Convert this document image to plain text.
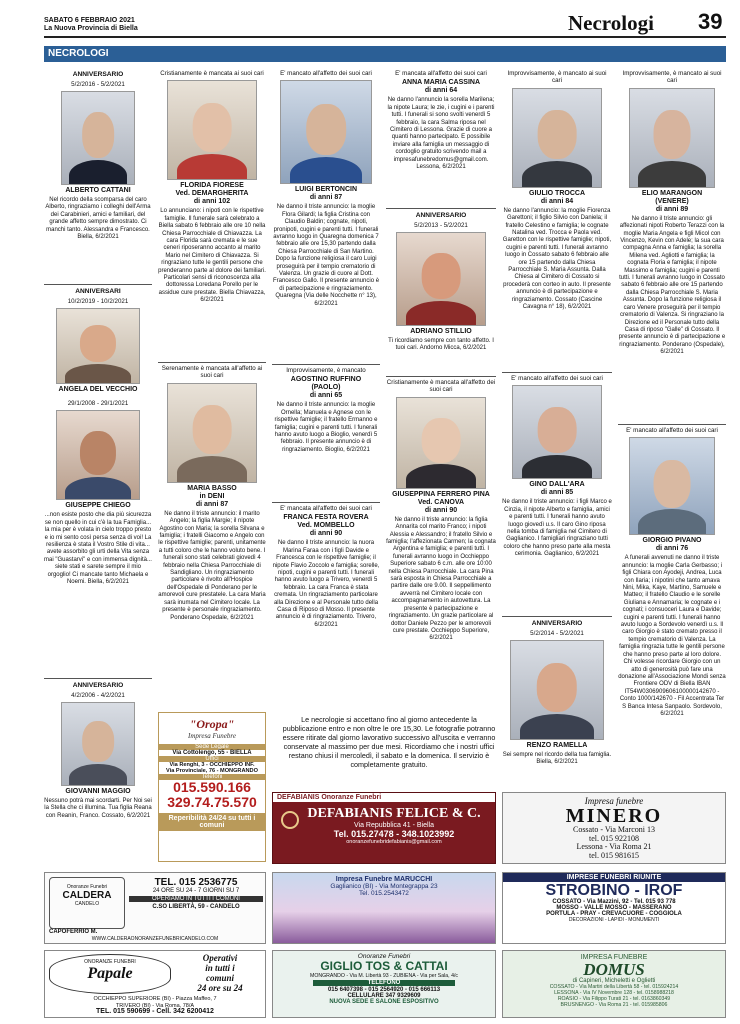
SABATO 6 FEBBRAIO 2021
La Nuova Provincia di Biella	Necrologi 39
NECROLOGI
ANNIVERSARIO
5/2/2016 - 5/2/2021
ALBERTO CATTANI
Nel ricordo della scomparsa del caro Alberto, ringraziamo i colleghi dell'Arma dei Carabinieri, amici e familiari, del grande affetto sempre dimostrato. Ci manchi tanto. Alessandra e Francesco. Biella, 6/2/2021
ANNIVERSARI
10/2/2019 - 10/2/2021
ANGELA DEL VECCHIO
29/1/2008 - 29/1/2021
GIUSEPPE CHIEGO
...non esiste posto che dia più sicurezza se non quello in cui c'è la tua Famiglia... la mia per è volata in cielo troppo presto e io mi sento così persa senza di voi! La resilienza è stata il Vostro Stile di vita... avete assorbito gli urti della Vita senza mai "Guastarvi" e con immensa dignità... siete stati e sarete sempre il mio orgoglio! Ci mancate tanto Michaela e Noemi. Biella, 6/2/2021
ANNIVERSARIO
4/2/2006 - 4/2/2021
GIOVANNI MAGGIO
Nessuno potrà mai scordarti. Per Noi sei la Stella che ci illumina. Tua figlia Reana con Reanin, Franco. Cossato, 6/2/2021
Cristianamente è mancata ai suoi cari
FLORIDA FIORESE
Ved. DEMARGHERITA
di anni 102
Lo annunciano: i nipoti con le rispettive famiglie. Il funerale sarà celebrato a Biella sabato 6 febbraio alle ore 10 nella Chiesa Parrocchiale di Chiavazza. La cara Florida sarà cremata e le sue ceneri riposeranno accanto al marito Mario nel Cimitero di Chiavazza. Si ringraziano tutte le gentili persone che prenderanno parte al dolore dei familiari. Particolari sensi di riconoscenza alla dottoressa Loredana Porello per le assidue cure prestate. Biella Chiavazza, 6/2/2021
Serenamente è mancata all'affetto ai suoi cari
MARIA BASSO
in DENI
di anni 87
Ne danno il triste annuncio: il marito Angelo; la figlia Margie; il nipote Agostino con Maria; la sorella Silvana e famiglia; i fratelli Giacomo e Angelo con le rispettive famiglie; parenti, unitamente a tutti coloro che le hanno voluto bene. I funerali sono stati celebrati giovedì 4 febbraio nella Chiesa Parrocchiale di Sandigliano. Un ringraziamento particolare è rivolto all'Hospice dell'Ospedale di Ponderano per le amorevoli cure prestatele. La cara Maria sarà inumata nel Cimitero locale. La presente è personale ringraziamento. Ponderano Ospedale, 6/2/2021
E' mancato all'affetto dei suoi cari
LUIGI BERTONCIN
di anni 87
Ne danno il triste annuncio: la moglie Flora Gilardi; la figlia Cristina con Claudio Baldin; cognate, nipoti, pronipoti, cugini e parenti tutti. I funerali avranno luogo in Quaregna domenica 7 febbraio alle ore 15,30 partendo dalla Chiesa Parrocchiale di San Martino. Dopo la funzione religiosa il caro Luigi proseguirà per il tempio crematorio di Valenza. Un grazie di cuore al Dott. Francesco Gallo. Il presente annuncio è di partecipazione e ringraziamento. Quaregna (Via delle Nocchette n° 13), 6/2/2021
Improvvisamente, è mancato
AGOSTINO RUFFINO
(PAOLO)
di anni 65
Ne danno il triste annuncio: la moglie Ornella; Manuela e Agnese con le rispettive famiglie; il fratello Ermanno e famiglia; cugini e parenti tutti. I funerali hanno avuto luogo a Bioglio, venerdì 5 febbraio. Il presente annuncio è di ringraziamento. Bioglio, 6/2/2021
E' mancata all'affetto dei suoi cari
FRANCA FESTA ROVERA
Ved. MOMBELLO
di anni 90
Ne danno il triste annuncio: la nuora Marina Faraa con i figli Davide e Francesca con le rispettive famiglie; il nipote Flavio Zoccolo e famiglia; sorelle, nipoti, cugini e parenti tutti. I funerali hanno avuto luogo a Trivero, venerdì 5 febbraio. La cara Franca è stata cremata. Un ringraziamento particolare alla Direzione e al Personale tutto della Casa di Riposo di Mosso. Il presente annuncio è di ringraziamento. Trivero, 6/2/2021
E' mancata all'affetto dei suoi cari
ANNA MARIA CASSINA
di anni 64
Ne danno l'annuncio la sorella Marilena; la nipote Laura; le zie, i cugini e i parenti tutti. I funerali si sono svolti venerdì 5 febbraio, la cara Salma riposa nel Cimitero di Lessona. Grazie di cuore a quanti hanno partecipato. E possibile inviare alla famiglia un messaggio di cordoglio gratuito scrivendo mail a impresafunebredomus@gmail.com. Lessona, 6/2/2021
ANNIVERSARIO
5/2/2013 - 5/2/2021
ADRIANO STILLIO
Ti ricordiamo sempre con tanto affetto. I tuoi cari. Andorno Micca, 6/2/2021
Cristianamente è mancata all'affetto dei suoi cari
GIUSEPPINA FERRERO PINA
Ved. CANOVA
di anni 90
Ne danno il triste annuncio: la figlia Annarita col marito Franco; i nipoti Alessia e Alessandro; il fratello Silvio e famiglia; l'affezionata Carmen; la cognata Argentina e famiglia; e parenti tutti. I funerali avranno luogo in Occhieppo Superiore sabato 6 c.m. alle ore 10:00 nella Chiesa Parrocchiale. La cara Pina sarà esposta in Chiesa Parrocchiale a partire dalle ore 9.00. Il seppellimento avverrà nel Cimitero locale con accompagnamento in autovettura. La presente è partecipazione e ringraziamento. Un grazie particolare al dottor Daniele Pezzo per le amorevoli cure prestate. Occhieppo Superiore, 6/2/2021
Improvvisamente, è mancato ai suoi cari
GIULIO TROCCA
di anni 84
Ne danno l'annuncio: la moglie Fiorenza Garettoni; il figlio Silvio con Daniela; il fratello Celestino e famiglia; le cognate Natalina ved. Trocca e Paola ved. Garetton con le rispettive famiglie; nipoti, cugini e parenti tutti. I funerali avranno luogo in Cossato sabato 6 febbraio alle ore 15 partendo dalla Chiesa Parrocchiale S. Maria Assunta. Dalla Chiesa al Cimitero di Cossato si procederà con corteo in auto. Il presente annuncio è di partecipazione e ringraziamento. Cossato (Cascine Cavagna n° 18), 6/2/2021
E' mancato all'affetto dei suoi cari
GINO DALL'ARA
di anni 85
Ne danno il triste annuncio: i figli Marco e Cinzia, il nipote Alberto e famiglia, amici e parenti tutti. I funerali hanno avuto luogo giovedì u.s. Il caro Gino riposa nella tomba di famiglia nel Cimitero di Gaglianico. I famigliari ringraziano tutti coloro che hanno preso parte alla mesta cerimonia. Gaglianico, 6/2/2021
ANNIVERSARIO
5/2/2014 - 5/2/2021
RENZO RAMELLA
Sei sempre nel ricordo della tua famiglia. Biella, 6/2/2021
Improvvisamente, è mancato ai suoi cari
ELIO MARANGON
(VENERE)
di anni 89
Ne danno il triste annuncio: gli affezionati nipoti Roberto Terazzi con la moglie Maria Angela e figli Micol con Vincenzo, Kevin con Adele; la sua cara compagna Anna e famiglia; la sorella Milena ved. Agliotti e famiglia; la cognata Floria e famiglia; il nipote Massimo e famiglia; cugini e parenti tutti. I funerali avranno luogo in Cossato sabato 6 febbraio alle ore 15 partendo dalla Chiesa Parrocchiale S. Maria Assunta. Dopo la funzione religiosa il caro Venere proseguirà per il tempio crematorio di Valenza. Si ringraziano la Direzione ed il Personale tutto della Casa di riposo "Galle" di Cossato. Il presente annuncio è di partecipazione e ringraziamento. Ponderano (Ospedale), 6/2/2021
E' mancato all'affetto dei suoi cari
GIORGIO PIVANO
di anni 76
A funerali avvenuti ne danno il triste annuncio: la moglie Carla Gerbasso; i figli Chiara con Ayodeji, Andrea, Luca con Ilaria; i nipotini che tanto amava Nini, Mika, Kaye, Martino, Samuele e Matteo; il fratello Claudio e le sorelle Giuliana e Annamaria; le cognate e i cognati; i consuoceri Laura e Davide; cugini e parenti tutti. I funerali hanno avuto luogo a Sordevolo venerdì u.s. Il caro Giorgio è stato cremato presso il tempio crematorio di Valenza. La famiglia ringrazia tutte le gentili persone che hanno preso parte al loro dolore. Chi volesse ricordare Giorgio con un atto di generosità può fare una donazione all'Associazione Mondi senza Frontiere ODV di Biella IBAN IT54W0306909606100000142670 - Conto 1000/142670 - Fil Accentrata Ter S Banca Intesa Sanpaolo. Sordevolo, 6/2/2021
Le necrologie si accettano fino al giorno antecedente la pubblicazione entro e non oltre le ore 15,30. Le fotografie potranno essere ritirate dal giorno lavorativo successivo all'uscita e verranno conservate al massimo per due mesi. Ricordiamo che i nostri uffici restano chiusi il mercoledì, il sabato e la domenica. Il servizio è completamente gratuito.
"Oropa"
Impresa Funebre
Sede Legale
Via Cottolengo, 55 - BIELLA
Uffici
Via Renghi, 3 - OCCHIEPPO INF.
Via Provinciale, 76 - MONGRANDO
Telefoni
015.590.166
329.74.75.570
Reperibilità 24/24 su tutti i comuni
DEFABIANIS Onoranze Funebri
DEFABIANIS FELICE & C.
Via Repubblica 41 - Biella
Tel. 015.27478 - 348.1023992
onoranzefunebridefabianis@gmail.com
Impresa funebre
MINERO
Cossato - Via Marconi 13
tel. 015 922108
Lessona - Via Roma 21
tel. 015 981615
Onoranze Funebri
CALDERA
CANDELO
TEL. 015 2536775
24 ORE SU 24 - 7 GIORNI SU 7
OPERIAMO IN TUTTI I COMUNI
C.SO LIBERTÀ, 59 - CANDELO
CAPOFERRIO M.
WWW.CALDERAONORANZEFUNEBRICANDELO.COM
Impresa Funebre MARUCCHI
Gaglianico (BI) - Via Montegrappa 23
Tel. 015.2543472
IMPRESE FUNEBRI RIUNITE
STROBINO - IROF
COSSATO - Via Mazzini, 92 - Tel. 015 93 778
MOSSO - VALLE MOSSO - MASSERANO
PORTULA - PRAY - CREVACUORE - COGGIOLA
DECORAZIONI - LAPIDI - MONUMENTI
ONORANZE FUNEBRI
Papale
Operativi
in tutti i
comuni
24 ore su 24
OCCHIEPPO SUPERIORE (BI) - Piazza Maffeo, 7
TRIVERO (BI) - Via Roma, 78/A
TEL. 015 590699 - Cell. 342 6200412
Onoranze Funebri
GIGLIO TOS & CATTAI
MONGRANDO - Via M. Libertà 93 - ZUBIENA - Via per Sala, 4/c
TELEFONO
015 6407398 - 015 2564920 - 015 666113
CELLULARE 347 9329609
NUOVA SEDE E SALONE ESPOSITIVO
IMPRESA FUNEBRE
DOMUS
di Capineri, Micheletti e Oglietti
COSSATO - Via Martiri della Libertà 58 - tel. 015924214
LESSONA - Via IV Novembre 128 - tel. 0158988218
ROASIO - Via Filippo Turati 21 - tel. 0163860349
BRUSNENGO - Via Roma 21 - tel. 015985806
